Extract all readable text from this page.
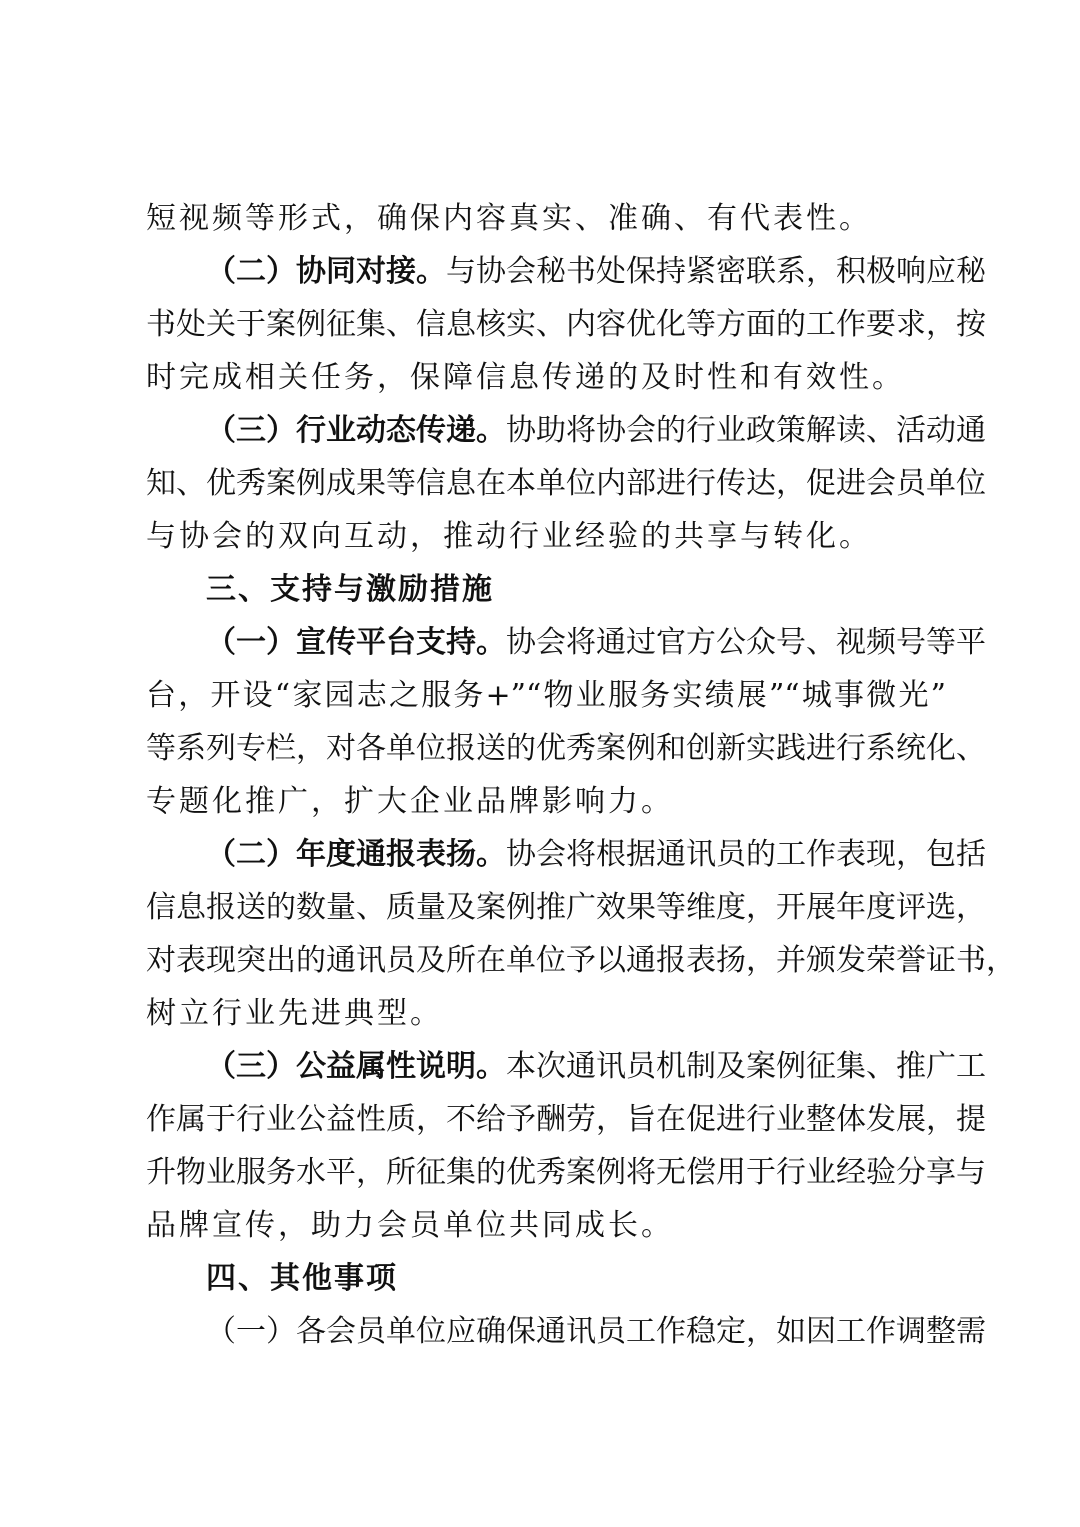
短视频等形式，确保内容真实、准确、有代表性。
（二）协同对接。与协会秘书处保持紧密联系，积极响应秘
书处关于案例征集、信息核实、内容优化等方面的工作要求，按
时完成相关任务，保障信息传递的及时性和有效性。
（三）行业动态传递。协助将协会的行业政策解读、活动通
知、优秀案例成果等信息在本单位内部进行传达，促进会员单位
与协会的双向互动，推动行业经验的共享与转化。
三、支持与激励措施
（一）宣传平台支持。协会将通过官方公众号、视频号等平
台，开设“家园志之服务+”“物业服务实绩展”“城事微光”
等系列专栏，对各单位报送的优秀案例和创新实践进行系统化、
专题化推广，扩大企业品牌影响力。
（二）年度通报表扬。协会将根据通讯员的工作表现，包括
信息报送的数量、质量及案例推广效果等维度，开展年度评选，
对表现突出的通讯员及所在单位予以通报表扬，并颁发荣誉证书，
树立行业先进典型。
（三）公益属性说明。本次通讯员机制及案例征集、推广工
作属于行业公益性质，不给予酬劳，旨在促进行业整体发展，提
升物业服务水平，所征集的优秀案例将无偿用于行业经验分享与
品牌宣传，助力会员单位共同成长。
四、其他事项
（一）各会员单位应确保通讯员工作稳定，如因工作调整需
